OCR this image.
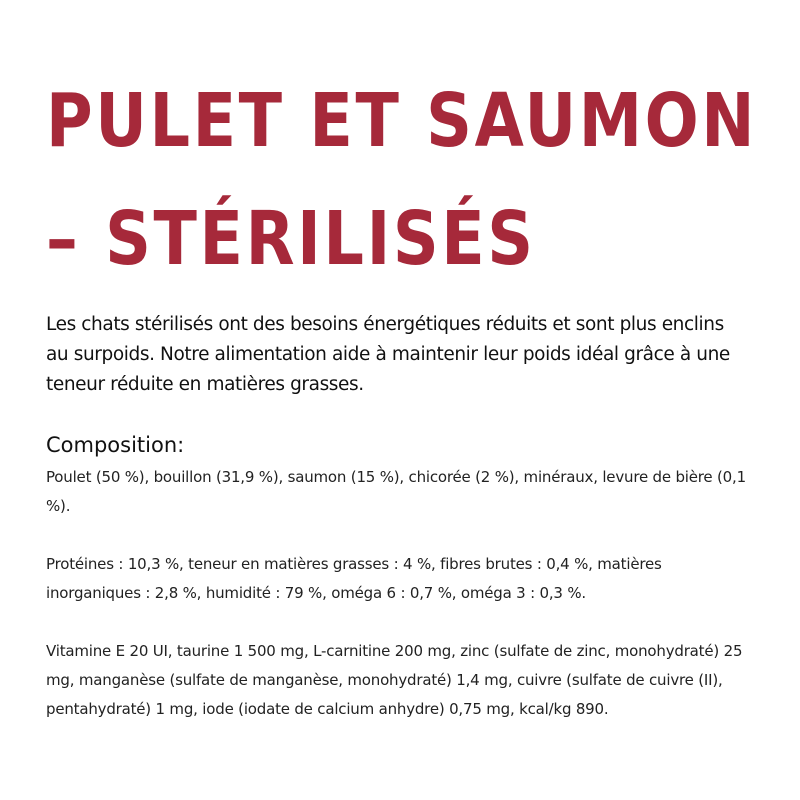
PULET ET SAUMON
– STÉRILISÉS

Les chats stérilisés ont des besoins énergétiques réduits et sont plus enclins au surpoids. Notre alimentation aide à maintenir leur poids idéal grâce à une teneur réduite en matières grasses.

Composition:

Poulet (50 %), bouillon (31,9 %), saumon (15 %), chicorée (2 %), minéraux, levure de bière (0,1 %).

Protéines : 10,3 %, teneur en matières grasses : 4 %, fibres brutes : 0,4 %, matières inorganiques : 2,8 %, humidité : 79 %, oméga 6 : 0,7 %, oméga 3 : 0,3 %.

Vitamine E 20 UI, taurine 1 500 mg, L-carnitine 200 mg, zinc (sulfate de zinc, monohydraté) 25 mg, manganèse (sulfate de manganèse, monohydraté) 1,4 mg, cuivre (sulfate de cuivre (II), pentahydraté) 1 mg, iode (iodate de calcium anhydre) 0,75 mg, kcal/kg 890.
